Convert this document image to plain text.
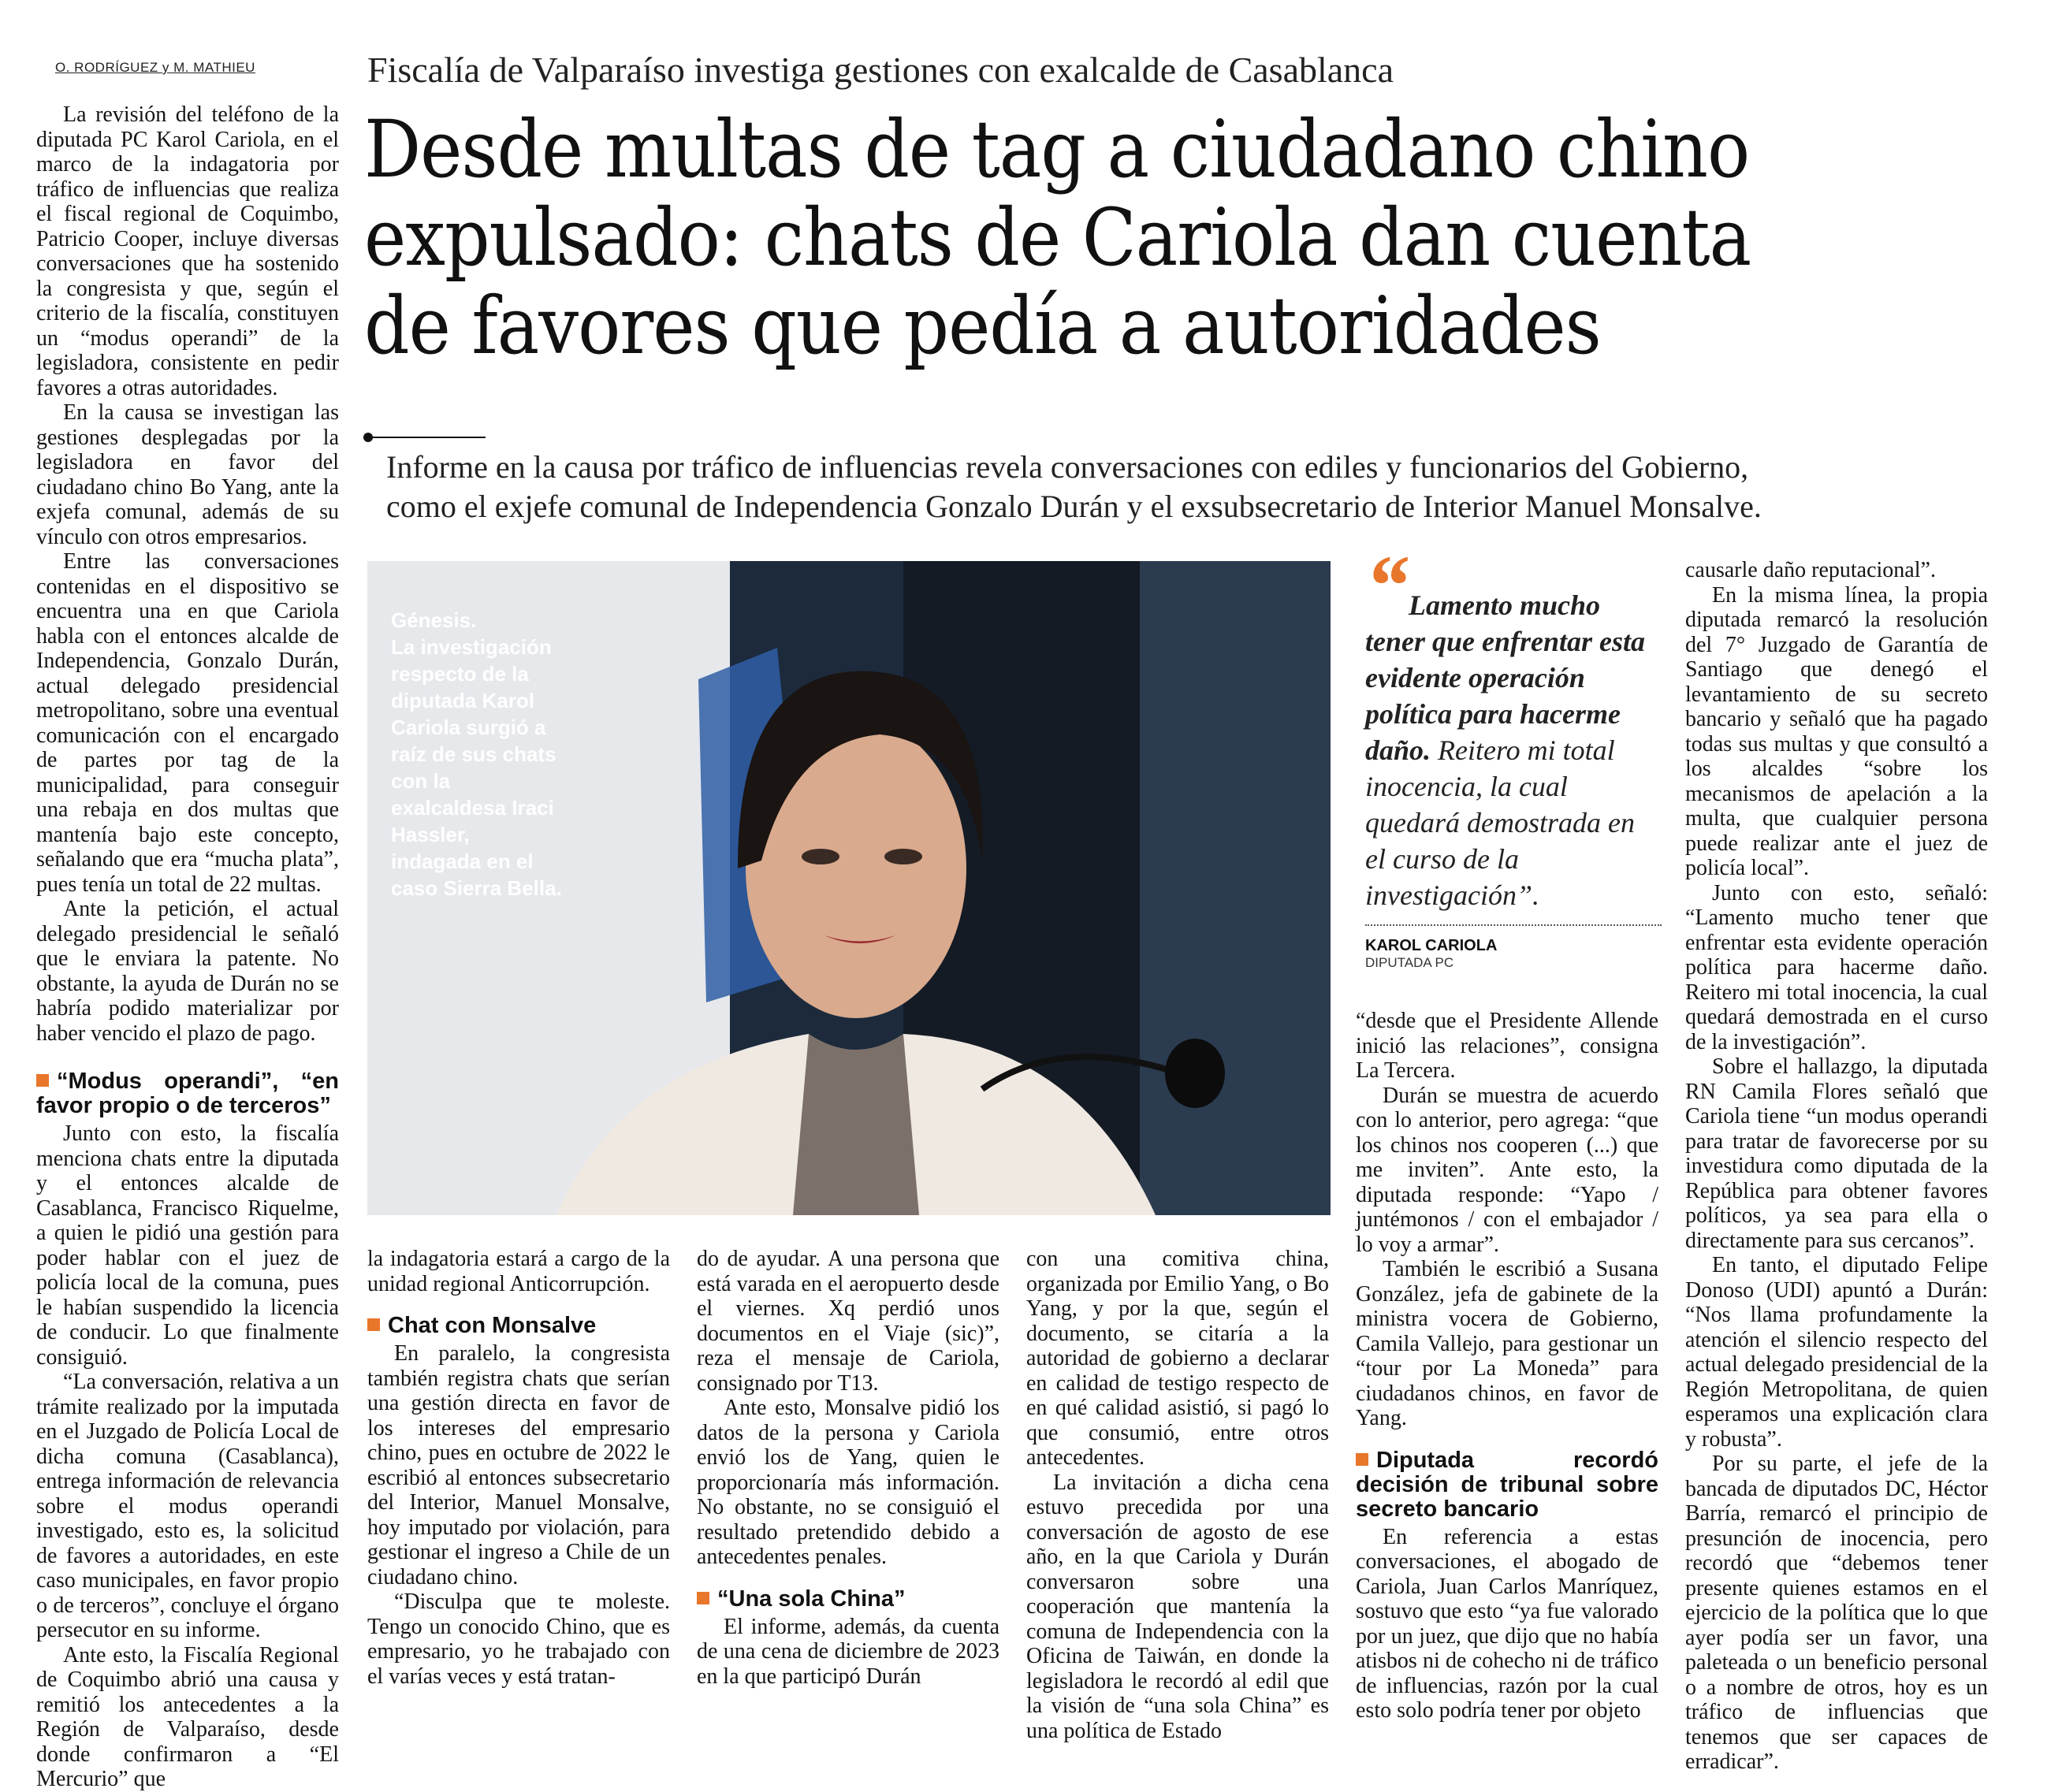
O. RODRÍGUEZ y M. MATHIEU	Fiscalía de Valparaíso investiga gestiones con exalcalde de Casablanca
Desde multas de tag a ciudadano chino
expulsado: chats de Cariola dan cuenta
de favores que pedía a autoridades
Informe en la causa por tráfico de influencias revela conversaciones con ediles y funcionarios del Gobierno,
como el exjefe comunal de Independencia Gonzalo Durán y el exsubsecretario de Interior Manuel Monsalve.

La revisión del teléfono de la diputada PC Karol Cariola, en el marco de la indagatoria por tráfico de influencias que realiza el fiscal regional de Coquimbo, Patricio Cooper, incluye diversas conversaciones que ha sostenido la congresista y que, según el criterio de la fiscalía, constituyen un “modus operandi” de la legisladora, consistente en pedir favores a otras autoridades.

En la causa se investigan las gestiones desplegadas por la legisladora en favor del ciudadano chino Bo Yang, ante la exjefa comunal, además de su vínculo con otros empresarios.

Entre las conversaciones contenidas en el dispositivo se encuentra una en que Cariola habla con el entonces alcalde de Independencia, Gonzalo Durán, actual delegado presidencial metropolitano, sobre una eventual comunicación con el encargado de partes por tag de la municipalidad, para conseguir una rebaja en dos multas que mantenía bajo este concepto, señalando que era “mucha plata”, pues tenía un total de 22 multas.

Ante la petición, el actual delegado presidencial le señaló que le enviara la patente. No obstante, la ayuda de Durán no se habría podido materializar por haber vencido el plazo de pago.

“Modus operandi”, “en favor propio o de terceros”

Junto con esto, la fiscalía menciona chats entre la diputada y el entonces alcalde de Casablanca, Francisco Riquelme, a quien le pidió una gestión para poder hablar con el juez de policía local de la comuna, pues le habían suspendido la licencia de conducir. Lo que finalmente consiguió.

“La conversación, relativa a un trámite realizado por la imputada en el Juzgado de Policía Local de dicha comuna (Casablanca), entrega información de relevancia sobre el modus operandi investigado, esto es, la solicitud de favores a autoridades, en este caso municipales, en favor propio o de terceros”, concluye el órgano persecutor en su informe.

Ante esto, la Fiscalía Regional de Coquimbo abrió una causa y remitió los antecedentes a la Región de Valparaíso, desde donde confirmaron a “El Mercurio” que

Génesis.
La investigación respecto de la diputada Karol Cariola surgió a raíz de sus chats con la exalcaldesa Iraci Hassler, indagada en el caso Sierra Bella.
“Lamento mucho tener que enfrentar esta evidente operación política para hacerme daño. Reitero mi total inocencia, la cual quedará demostrada en el curso de la investigación”.
KAROL CARIOLA
DIPUTADA PC

la indagatoria estará a cargo de la unidad regional Anticorrupción.

Chat con Monsalve

En paralelo, la congresista también registra chats que serían una gestión directa en favor de los intereses del empresario chino, pues en octubre de 2022 le escribió al entonces subsecretario del Interior, Manuel Monsalve, hoy imputado por violación, para gestionar el ingreso a Chile de un ciudadano chino.

“Disculpa que te moleste. Tengo un conocido Chino, que es empresario, yo he trabajado con el varías veces y está tratan-

do de ayudar. A una persona que está varada en el aeropuerto desde el viernes. Xq perdió unos documentos en el Viaje (sic)”, reza el mensaje de Cariola, consignado por T13.

Ante esto, Monsalve pidió los datos de la persona y Cariola envió los de Yang, quien le proporcionaría más información. No obstante, no se consiguió el resultado pretendido debido a antecedentes penales.

“Una sola China”

El informe, además, da cuenta de una cena de diciembre de 2023 en la que participó Durán

con una comitiva china, organizada por Emilio Yang, o Bo Yang, y por la que, según el documento, se citaría a la autoridad de gobierno a declarar en calidad de testigo respecto de en qué calidad asistió, si pagó lo que consumió, entre otros antecedentes.

La invitación a dicha cena estuvo precedida por una conversación de agosto de ese año, en la que Cariola y Durán conversaron sobre una cooperación que mantenía la comuna de Independencia con la Oficina de Taiwán, en donde la legisladora le recordó al edil que la visión de “una sola China” es una política de Estado

“desde que el Presidente Allende inició las relaciones”, consigna La Tercera.

Durán se muestra de acuerdo con lo anterior, pero agrega: “que los chinos nos cooperen (...) que me inviten”. Ante esto, la diputada responde: “Yapo / juntémonos / con el embajador / lo voy a armar”.

También le escribió a Susana González, jefa de gabinete de la ministra vocera de Gobierno, Camila Vallejo, para gestionar un “tour por La Moneda” para ciudadanos chinos, en favor de Yang.

Diputada recordó decisión de tribunal sobre secreto bancario

En referencia a estas conversaciones, el abogado de Cariola, Juan Carlos Manríquez, sostuvo que esto “ya fue valorado por un juez, que dijo que no había atisbos ni de cohecho ni de tráfico de influencias, razón por la cual esto solo podría tener por objeto

causarle daño reputacional”.

En la misma línea, la propia diputada remarcó la resolución del 7° Juzgado de Garantía de Santiago que denegó el levantamiento de su secreto bancario y señaló que ha pagado todas sus multas y que consultó a los alcaldes “sobre los mecanismos de apelación a la multa, que cualquier persona puede realizar ante el juez de policía local”.

Junto con esto, señaló: “Lamento mucho tener que enfrentar esta evidente operación política para hacerme daño. Reitero mi total inocencia, la cual quedará demostrada en el curso de la investigación”.

Sobre el hallazgo, la diputada RN Camila Flores señaló que Cariola tiene “un modus operandi para tratar de favorecerse por su investidura como diputada de la República para obtener favores políticos, ya sea para ella o directamente para sus cercanos”.

En tanto, el diputado Felipe Donoso (UDI) apuntó a Durán: “Nos llama profundamente la atención el silencio respecto del actual delegado presidencial de la Región Metropolitana, de quien esperamos una explicación clara y robusta”.

Por su parte, el jefe de la bancada de diputados DC, Héctor Barría, remarcó el principio de presunción de inocencia, pero recordó que “debemos tener presente quienes estamos en el ejercicio de la política que lo que ayer podía ser un favor, una paleteada o un beneficio personal o a nombre de otros, hoy es un tráfico de influencias que tenemos que ser capaces de erradicar”.
